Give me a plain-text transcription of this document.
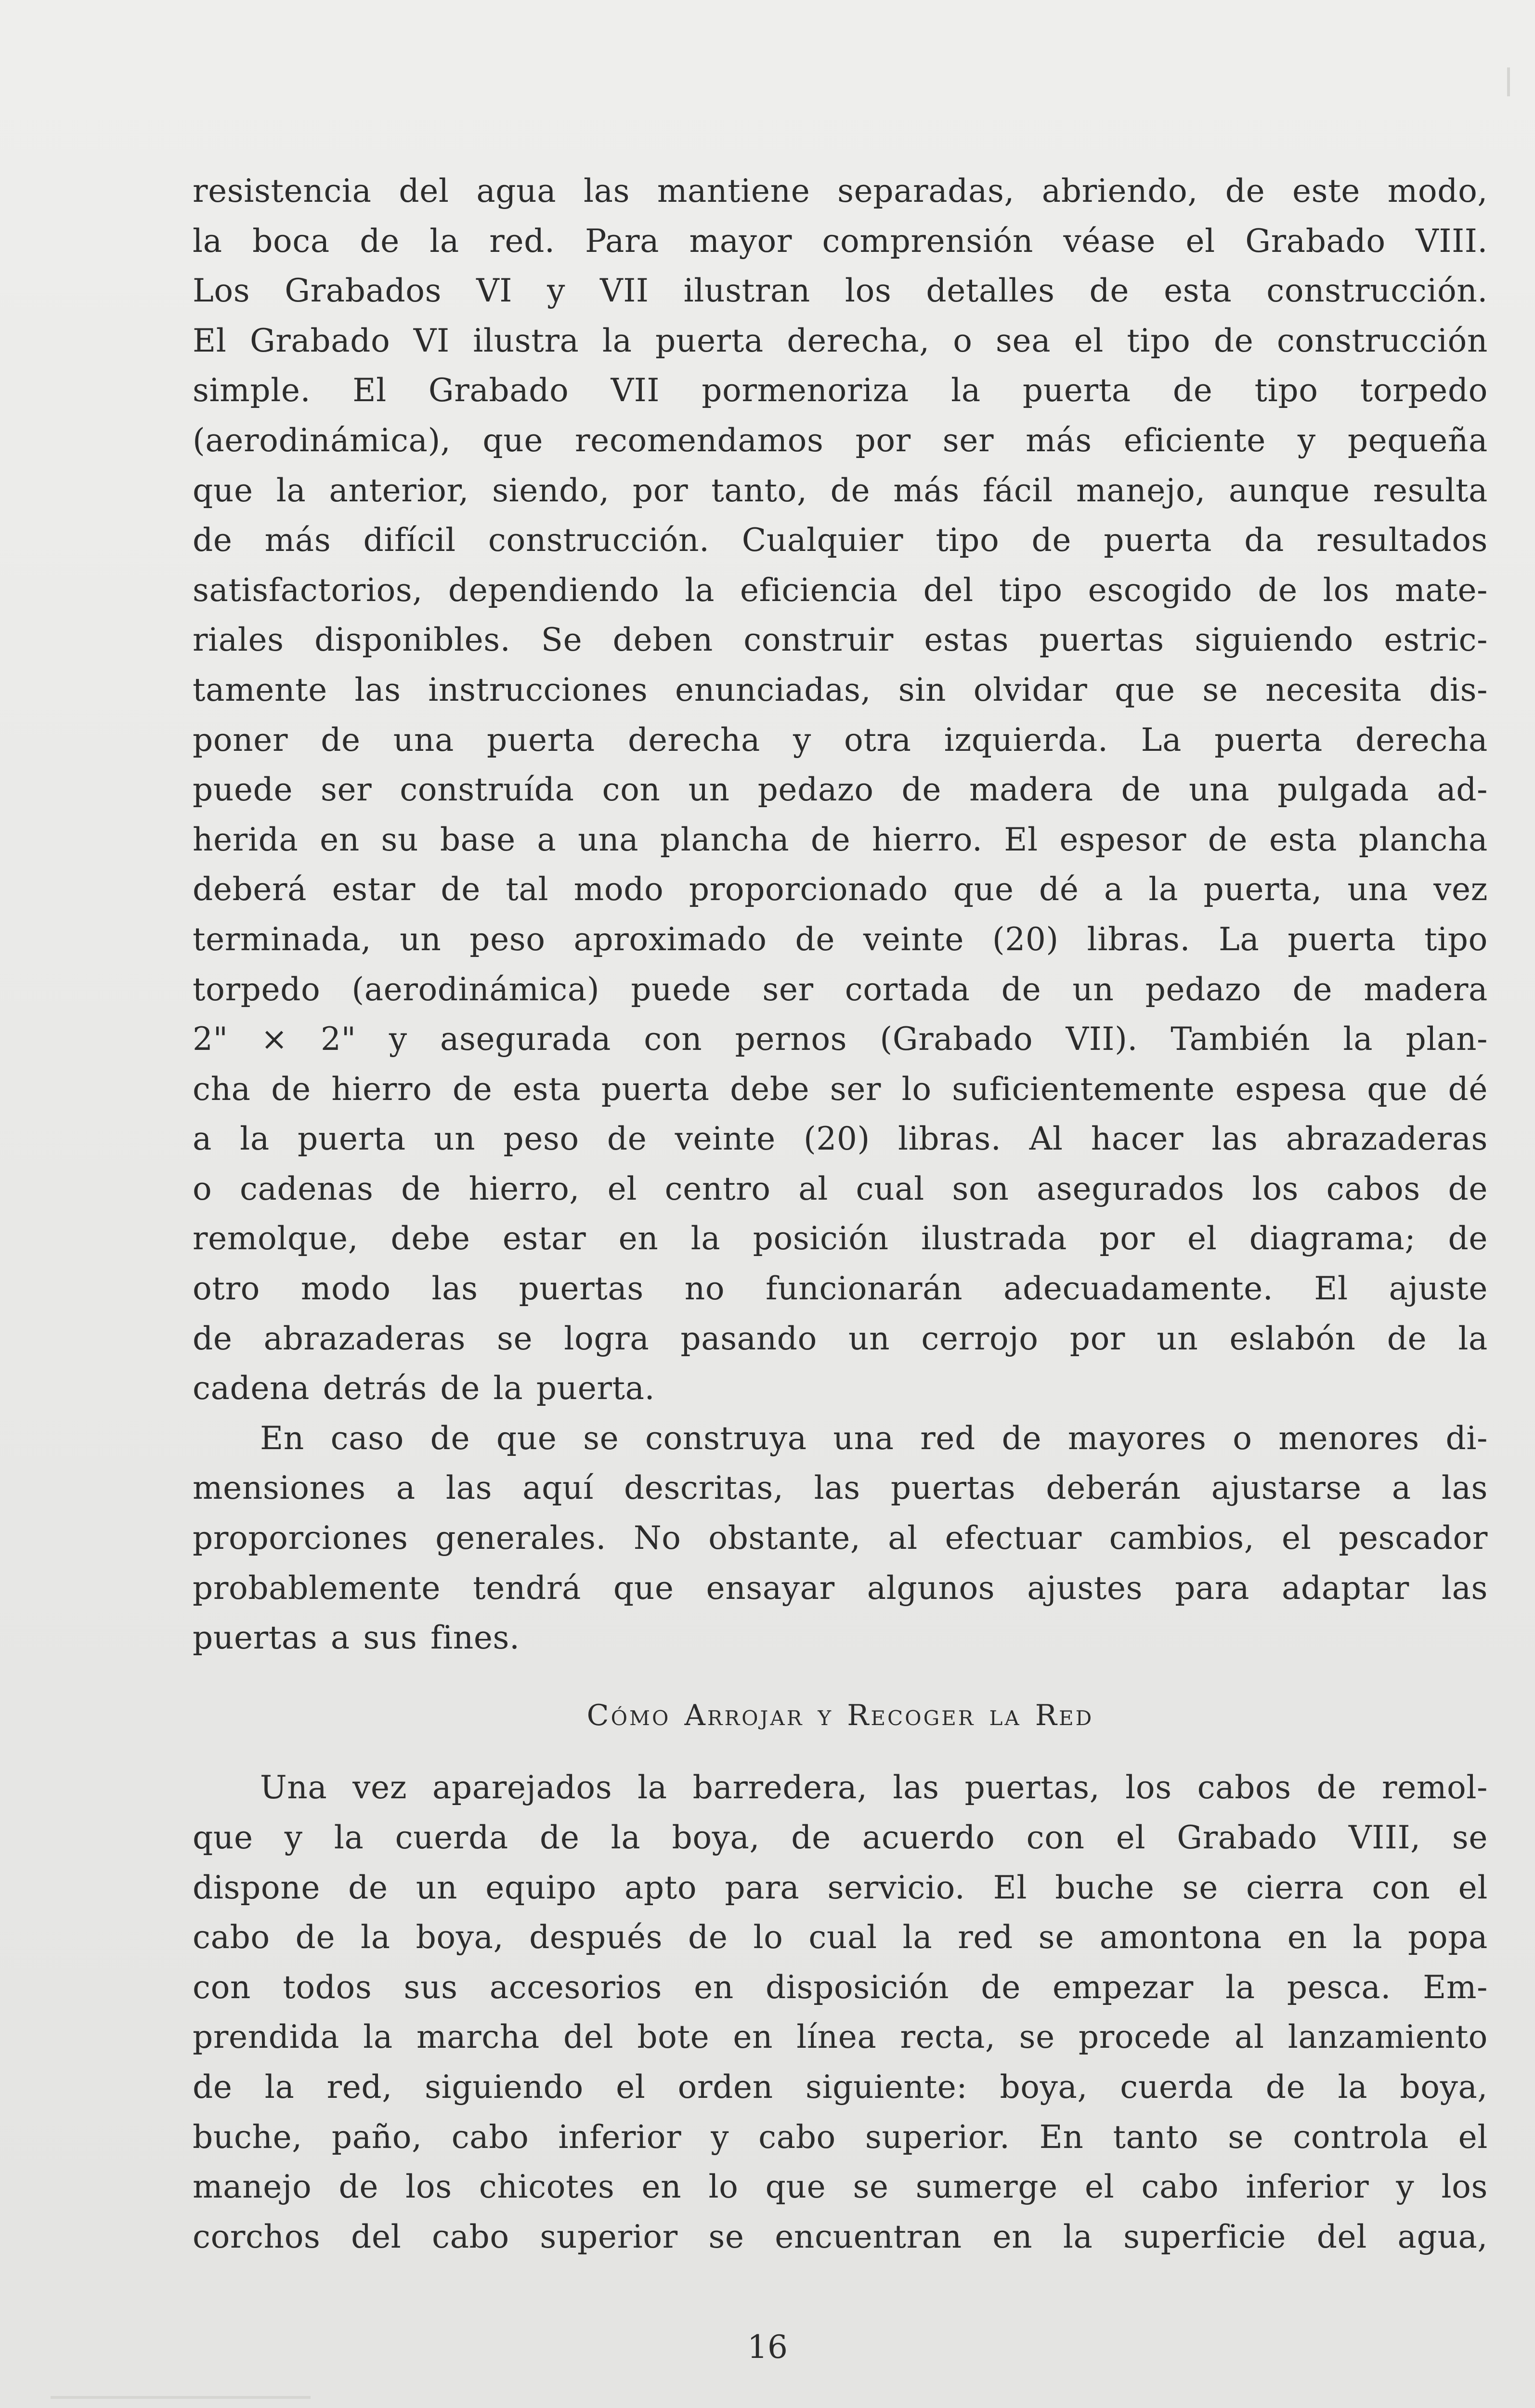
resistencia del agua las mantiene separadas, abriendo, de este modo,
la boca de la red. Para mayor comprensión véase el Grabado VIII.
Los Grabados VI y VII ilustran los detalles de esta construcción.
El Grabado VI ilustra la puerta derecha, o sea el tipo de construcción
simple. El Grabado VII pormenoriza la puerta de tipo torpedo
(aerodinámica), que recomendamos por ser más eficiente y pequeña
que la anterior, siendo, por tanto, de más fácil manejo, aunque resulta
de más difícil construcción. Cualquier tipo de puerta da resultados
satisfactorios, dependiendo la eficiencia del tipo escogido de los mate-
riales disponibles. Se deben construir estas puertas siguiendo estric-
tamente las instrucciones enunciadas, sin olvidar que se necesita dis-
poner de una puerta derecha y otra izquierda. La puerta derecha
puede ser construída con un pedazo de madera de una pulgada ad-
herida en su base a una plancha de hierro. El espesor de esta plancha
deberá estar de tal modo proporcionado que dé a la puerta, una vez
terminada, un peso aproximado de veinte (20) libras. La puerta tipo
torpedo (aerodinámica) puede ser cortada de un pedazo de madera
2" × 2" y asegurada con pernos (Grabado VII). También la plan-
cha de hierro de esta puerta debe ser lo suficientemente espesa que dé
a la puerta un peso de veinte (20) libras. Al hacer las abrazaderas
o cadenas de hierro, el centro al cual son asegurados los cabos de
remolque, debe estar en la posición ilustrada por el diagrama; de
otro modo las puertas no funcionarán adecuadamente. El ajuste
de abrazaderas se logra pasando un cerrojo por un eslabón de la
cadena detrás de la puerta.

En caso de que se construya una red de mayores o menores di-
mensiones a las aquí descritas, las puertas deberán ajustarse a las
proporciones generales. No obstante, al efectuar cambios, el pescador
probablemente tendrá que ensayar algunos ajustes para adaptar las
puertas a sus fines.

Cómo Arrojar y Recoger la Red

Una vez aparejados la barredera, las puertas, los cabos de remol-
que y la cuerda de la boya, de acuerdo con el Grabado VIII, se
dispone de un equipo apto para servicio. El buche se cierra con el
cabo de la boya, después de lo cual la red se amontona en la popa
con todos sus accesorios en disposición de empezar la pesca. Em-
prendida la marcha del bote en línea recta, se procede al lanzamiento
de la red, siguiendo el orden siguiente: boya, cuerda de la boya,
buche, paño, cabo inferior y cabo superior. En tanto se controla el
manejo de los chicotes en lo que se sumerge el cabo inferior y los
corchos del cabo superior se encuentran en la superficie del agua,

16
